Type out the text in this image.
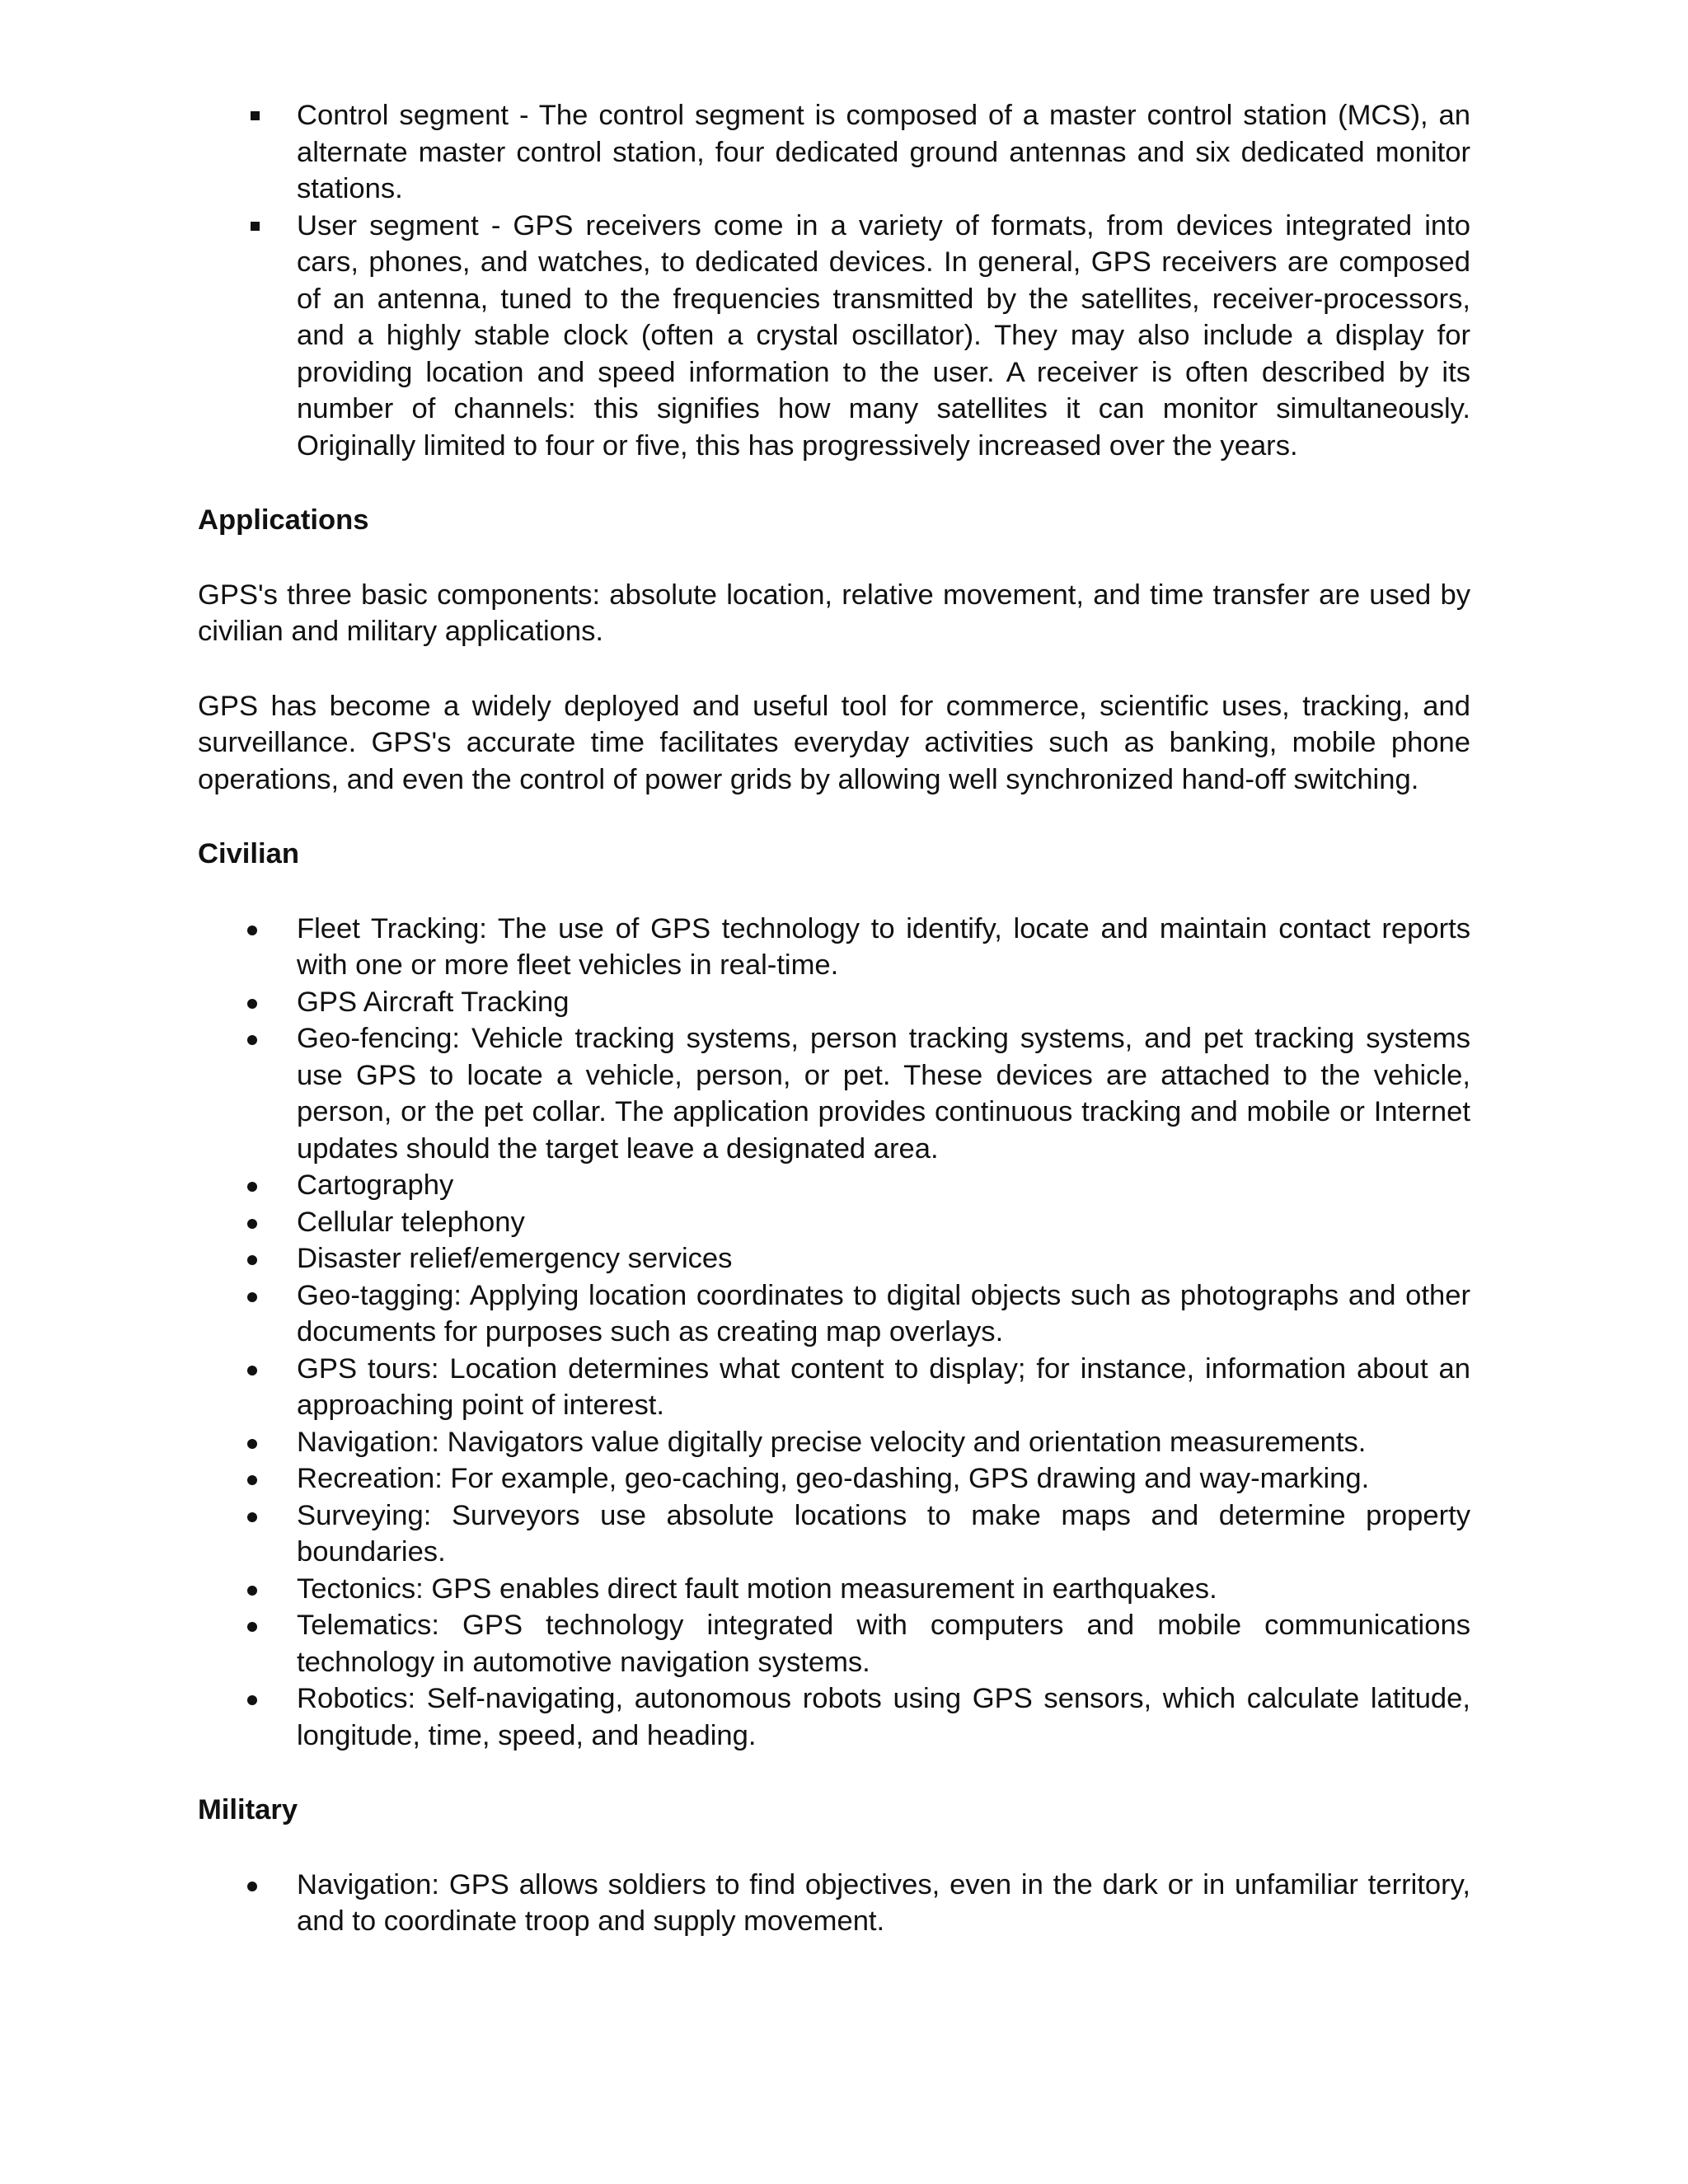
Control segment - The control segment is composed of a master control station (MCS), an alternate master control station, four dedicated ground antennas and six dedicated monitor stations.
User segment - GPS receivers come in a variety of formats, from devices integrated into cars, phones, and watches, to dedicated devices. In general, GPS receivers are composed of an antenna, tuned to the frequencies transmitted by the satellites, receiver-processors, and a highly stable clock (often a crystal oscillator). They may also include a display for providing location and speed information to the user. A receiver is often described by its number of channels: this signifies how many satellites it can monitor simultaneously. Originally limited to four or five, this has progressively increased over the years.

Applications

GPS's three basic components: absolute location, relative movement, and time transfer are used by civilian and military applications.

GPS has become a widely deployed and useful tool for commerce, scientific uses, tracking, and surveillance. GPS's accurate time facilitates everyday activities such as banking, mobile phone operations, and even the control of power grids by allowing well synchronized hand-off switching.

Civilian

Fleet Tracking: The use of GPS technology to identify, locate and maintain contact reports with one or more fleet vehicles in real-time.
GPS Aircraft Tracking
Geo-fencing: Vehicle tracking systems, person tracking systems, and pet tracking systems use GPS to locate a vehicle, person, or pet. These devices are attached to the vehicle, person, or the pet collar. The application provides continuous tracking and mobile or Internet updates should the target leave a designated area.
Cartography
Cellular telephony
Disaster relief/emergency services
Geo-tagging: Applying location coordinates to digital objects such as photographs and other documents for purposes such as creating map overlays.
GPS tours: Location determines what content to display; for instance, information about an approaching point of interest.
Navigation: Navigators value digitally precise velocity and orientation measurements.
Recreation: For example, geo-caching, geo-dashing, GPS drawing and way-marking.
Surveying: Surveyors use absolute locations to make maps and determine property boundaries.
Tectonics: GPS enables direct fault motion measurement in earthquakes.
Telematics: GPS technology integrated with computers and mobile communications technology in automotive navigation systems.
Robotics: Self-navigating, autonomous robots using GPS sensors, which calculate latitude, longitude, time, speed, and heading.

Military

Navigation: GPS allows soldiers to find objectives, even in the dark or in unfamiliar territory, and to coordinate troop and supply movement.
